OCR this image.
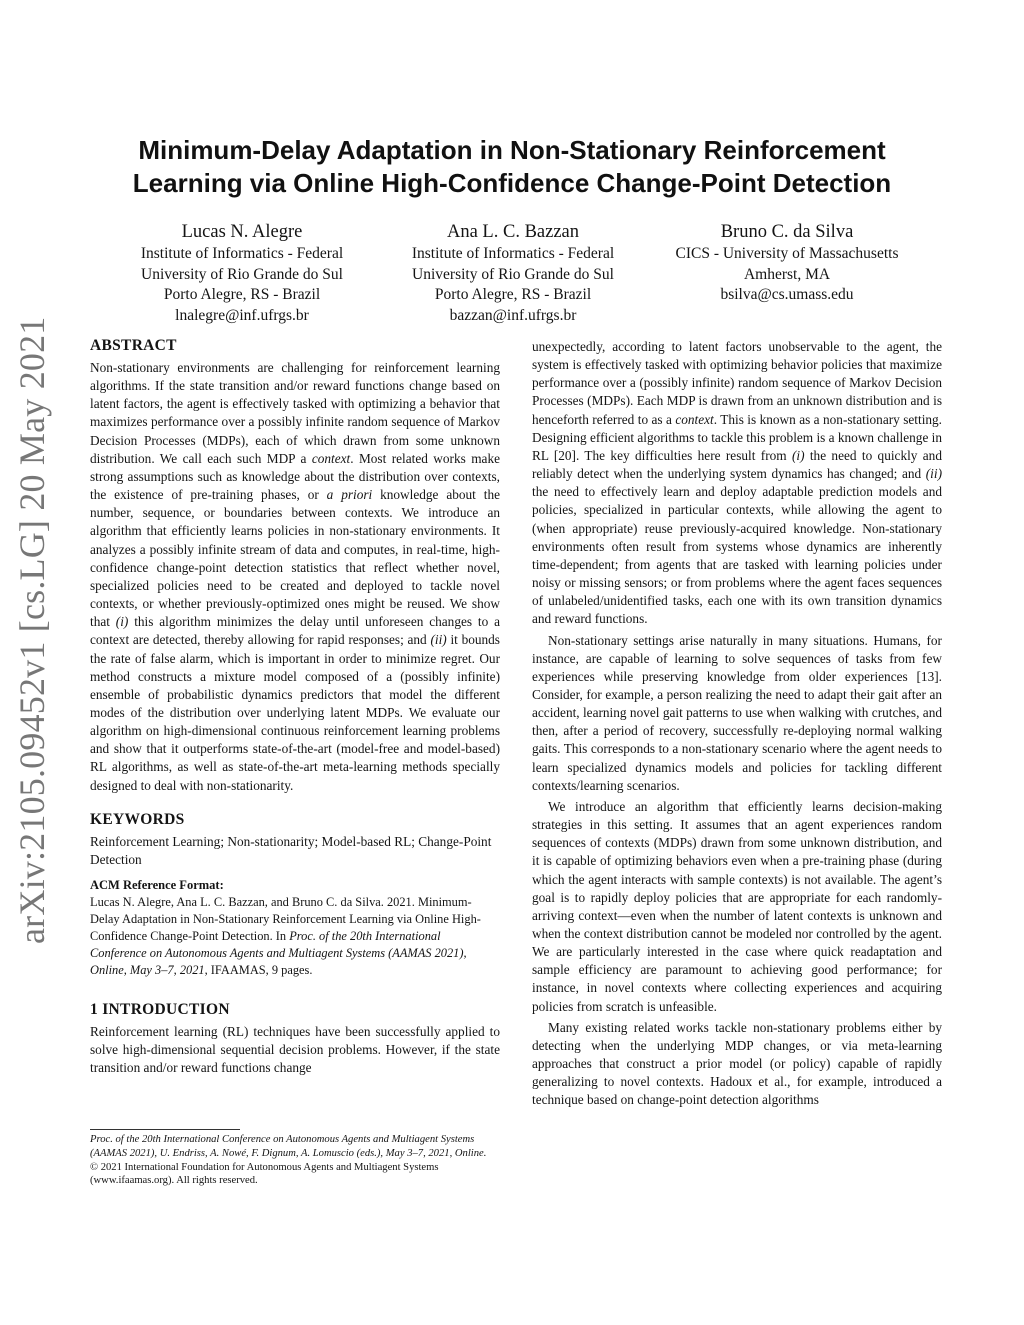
arXiv:2105.09452v1 [cs.LG] 20 May 2021
Minimum-Delay Adaptation in Non-Stationary Reinforcement
Learning via Online High-Confidence Change-Point Detection
Lucas N. Alegre
Institute of Informatics - Federal
University of Rio Grande do Sul
Porto Alegre, RS - Brazil
lnalegre@inf.ufrgs.br
Ana L. C. Bazzan
Institute of Informatics - Federal
University of Rio Grande do Sul
Porto Alegre, RS - Brazil
bazzan@inf.ufrgs.br
Bruno C. da Silva
CICS - University of Massachusetts
Amherst, MA
bsilva@cs.umass.edu
ABSTRACT

Non-stationary environments are challenging for reinforcement learning algorithms. If the state transition and/or reward functions change based on latent factors, the agent is effectively tasked with optimizing a behavior that maximizes performance over a possibly infinite random sequence of Markov Decision Processes (MDPs), each of which drawn from some unknown distribution. We call each such MDP a context. Most related works make strong assumptions such as knowledge about the distribution over contexts, the existence of pre-training phases, or a priori knowledge about the number, sequence, or boundaries between contexts. We introduce an algorithm that efficiently learns policies in non-stationary environments. It analyzes a possibly infinite stream of data and computes, in real-time, high-confidence change-point detection statistics that reflect whether novel, specialized policies need to be created and deployed to tackle novel contexts, or whether previously-optimized ones might be reused. We show that (i) this algorithm minimizes the delay until unforeseen changes to a context are detected, thereby allowing for rapid responses; and (ii) it bounds the rate of false alarm, which is important in order to minimize regret. Our method constructs a mixture model composed of a (possibly infinite) ensemble of probabilistic dynamics predictors that model the different modes of the distribution over underlying latent MDPs. We evaluate our algorithm on high-dimensional continuous reinforcement learning problems and show that it outperforms state-of-the-art (model-free and model-based) RL algorithms, as well as state-of-the-art meta-learning methods specially designed to deal with non-stationarity.

KEYWORDS

Reinforcement Learning; Non-stationarity; Model-based RL; Change-Point Detection

ACM Reference Format:

Lucas N. Alegre, Ana L. C. Bazzan, and Bruno C. da Silva. 2021. Minimum-Delay Adaptation in Non-Stationary Reinforcement Learning via Online High-Confidence Change-Point Detection. In Proc. of the 20th International Conference on Autonomous Agents and Multiagent Systems (AAMAS 2021), Online, May 3–7, 2021, IFAAMAS, 9 pages.

1 INTRODUCTION

Reinforcement learning (RL) techniques have been successfully applied to solve high-dimensional sequential decision problems. However, if the state transition and/or reward functions change

Proc. of the 20th International Conference on Autonomous Agents and Multiagent Systems (AAMAS 2021), U. Endriss, A. Nowé, F. Dignum, A. Lomuscio (eds.), May 3–7, 2021, Online.

© 2021 International Foundation for Autonomous Agents and Multiagent Systems (www.ifaamas.org). All rights reserved.

unexpectedly, according to latent factors unobservable to the agent, the system is effectively tasked with optimizing behavior policies that maximize performance over a (possibly infinite) random sequence of Markov Decision Processes (MDPs). Each MDP is drawn from an unknown distribution and is henceforth referred to as a context. This is known as a non-stationary setting. Designing efficient algorithms to tackle this problem is a known challenge in RL [20]. The key difficulties here result from (i) the need to quickly and reliably detect when the underlying system dynamics has changed; and (ii) the need to effectively learn and deploy adaptable prediction models and policies, specialized in particular contexts, while allowing the agent to (when appropriate) reuse previously-acquired knowledge. Non-stationary environments often result from systems whose dynamics are inherently time-dependent; from agents that are tasked with learning policies under noisy or missing sensors; or from problems where the agent faces sequences of unlabeled/unidentified tasks, each one with its own transition dynamics and reward functions.

Non-stationary settings arise naturally in many situations. Humans, for instance, are capable of learning to solve sequences of tasks from few experiences while preserving knowledge from older experiences [13]. Consider, for example, a person realizing the need to adapt their gait after an accident, learning novel gait patterns to use when walking with crutches, and then, after a period of recovery, successfully re-deploying normal walking gaits. This corresponds to a non-stationary scenario where the agent needs to learn specialized dynamics models and policies for tackling different contexts/learning scenarios.

We introduce an algorithm that efficiently learns decision-making strategies in this setting. It assumes that an agent experiences random sequences of contexts (MDPs) drawn from some unknown distribution, and it is capable of optimizing behaviors even when a pre-training phase (during which the agent interacts with sample contexts) is not available. The agent’s goal is to rapidly deploy policies that are appropriate for each randomly-arriving context—even when the number of latent contexts is unknown and when the context distribution cannot be modeled nor controlled by the agent. We are particularly interested in the case where quick readaptation and sample efficiency are paramount to achieving good performance; for instance, in novel contexts where collecting experiences and acquiring policies from scratch is unfeasible.

Many existing related works tackle non-stationary problems either by detecting when the underlying MDP changes, or via meta-learning approaches that construct a prior model (or policy) capable of rapidly generalizing to novel contexts. Hadoux et al., for example, introduced a technique based on change-point detection algorithms
